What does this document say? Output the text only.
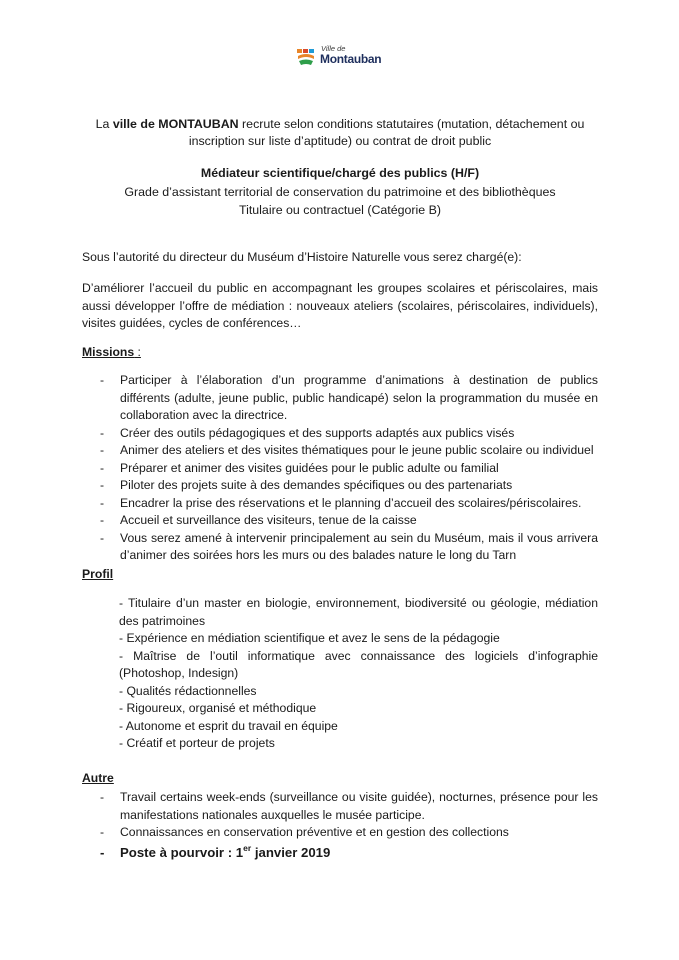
Ville de
Montauban
La ville de MONTAUBAN recrute selon conditions statutaires (mutation, détachement ou inscription sur liste d’aptitude) ou contrat de droit public
Médiateur scientifique/chargé des publics (H/F)
Grade d’assistant territorial de conservation du patrimoine et des bibliothèques
Titulaire ou contractuel (Catégorie B)
Sous l’autorité du directeur du Muséum d’Histoire Naturelle vous serez chargé(e):
D’améliorer l’accueil du public en accompagnant les groupes scolaires et périscolaires, mais aussi développer l’offre de médiation : nouveaux ateliers (scolaires, périscolaires, individuels), visites guidées, cycles de conférences…
Missions :
- Participer à l’élaboration d’un programme d’animations à destination de publics différents (adulte, jeune public, public handicapé) selon la programmation du musée en collaboration avec la directrice.
- Créer des outils pédagogiques et des supports adaptés aux publics visés
- Animer des ateliers et des visites thématiques pour le jeune public scolaire ou individuel
- Préparer et animer des visites guidées pour le public adulte ou familial
- Piloter des projets suite à des demandes spécifiques ou des partenariats
- Encadrer la prise des réservations et le planning d’accueil des scolaires/périscolaires.
- Accueil et surveillance des visiteurs, tenue de la caisse
- Vous serez amené à intervenir principalement au sein du Muséum, mais il vous arrivera d’animer des soirées hors les murs ou des balades nature le long du Tarn
Profil
- Titulaire d’un master en biologie, environnement, biodiversité ou géologie, médiation des patrimoines
- Expérience en médiation scientifique et avez le sens de la pédagogie
- Maîtrise de l’outil informatique avec connaissance des logiciels d’infographie (Photoshop, Indesign)
- Qualités rédactionnelles
- Rigoureux, organisé et méthodique
- Autonome et esprit du travail en équipe
- Créatif et porteur de projets
Autre
- Travail certains week-ends (surveillance ou visite guidée), nocturnes, présence pour les manifestations nationales auxquelles le musée participe.
- Connaissances en conservation préventive et en gestion des collections
- Poste à pourvoir : 1er janvier 2019
